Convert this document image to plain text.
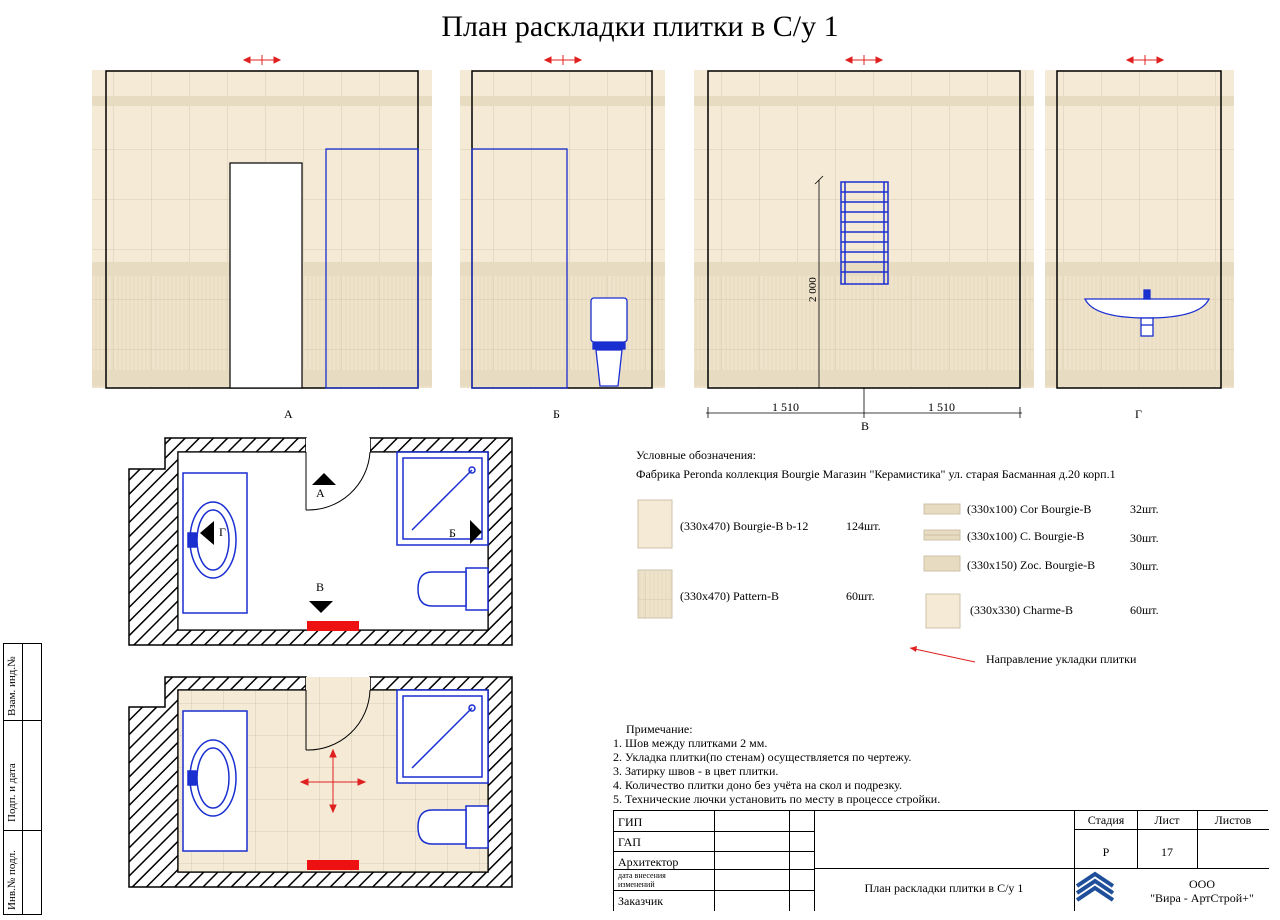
План раскладки плитки в С/у 1
2 000
1 510	1 510
А	Б
В
Г
А
В
Г	Б
Условные обозначения:
Фабрика Peronda коллекция Bourgie Магазин "Керамистика" ул. старая Басманная д.20 корп.1
(330x470) Bourgie-B b-12	124шт.
(330x470) Pattern-B	60шт.
(330x100) Cor Bourgie-B	32шт.
(330x100) C. Bourgie-B	30шт.
(330x150) Zoc. Bourgie-B	30шт.
(330x330) Charme-B	60шт.
Направление укладки плитки
Примечание:
1. Шов между плитками 2 мм.
2. Укладка плитки(по стенам) осуществляется по чертежу.
3. Затирку швов - в цвет плитки.
4. Количество плитки доно без учёта на скол и подрезку.
5. Технические лючки установить по месту в процессе стройки.
ГИП
ГАП
Архитектор
дата внесения изменений
Заказчик
План раскладки плитки в С/у 1
Стадия	Лист	Листов
Р	17
ООО
"Вира - АртСтрой+"
Взам. инд.№
Подп. и дата
Инв.№ подл.
